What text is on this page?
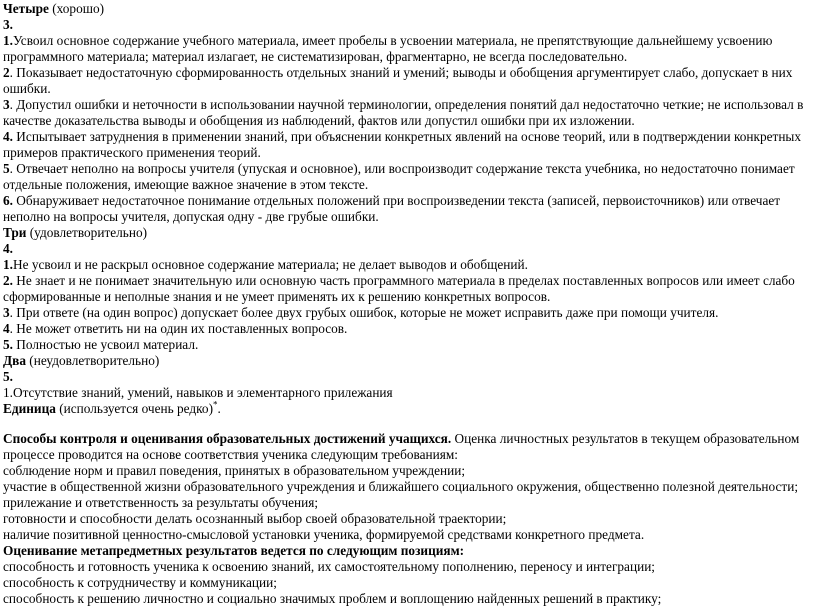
Четыре (хорошо)

3.

1.Усвоил основное содержание учебного материала, имеет пробелы в усвоении материала, не препятствующие дальнейшему усвоению программного материала; материал излагает, не систематизирован, фрагментарно, не всегда последовательно.

2. Показывает недостаточную сформированность отдельных знаний и умений; выводы и обобщения аргументирует слабо, допускает в них ошибки.

3. Допустил ошибки и неточности в использовании научной терминологии, определения понятий дал недостаточно четкие; не использовал в качестве доказательства выводы и обобщения из наблюдений, фактов или допустил ошибки при их изложении.

4. Испытывает затруднения в применении знаний, при объяснении конкретных явлений на основе теорий, или в подтверждении конкретных примеров практического применения теорий.

5. Отвечает неполно на вопросы учителя (упуская и основное), или воспроизводит содержание текста учебника, но недостаточно понимает отдельные положения, имеющие важное значение в этом тексте.

6. Обнаруживает недостаточное понимание отдельных положений при воспроизведении текста (записей, первоисточников) или отвечает неполно на вопросы учителя, допуская одну - две грубые ошибки.

Три (удовлетворительно)

4.

1.Не усвоил и не раскрыл основное содержание материала; не делает выводов и обобщений.

2. Не знает и не понимает значительную или основную часть программного материала в пределах поставленных вопросов или имеет слабо сформированные и неполные знания и не умеет применять их к решению конкретных вопросов.

3. При ответе (на один вопрос) допускает более двух грубых ошибок, которые не может исправить даже при помощи учителя.

4. Не может ответить ни на один их поставленных вопросов.

5. Полностью не усвоил материал.

Два (неудовлетворительно)

5.

1.Отсутствие знаний, умений, навыков и элементарного прилежания

Единица (используется очень редко)*.

Способы контроля и оценивания образовательных достижений учащихся. Оценка личностных результатов в текущем образовательном процессе проводится на основе соответствия ученика следующим требованиям:

соблюдение норм и правил поведения, принятых в образовательном учреждении;

участие в общественной жизни образовательного учреждения и ближайшего социального окружения, общественно полезной деятельности;

прилежание и ответственность за результаты обучения;

готовности и способности делать осознанный выбор своей образовательной траектории;

наличие позитивной ценностно-смысловой установки ученика, формируемой средствами конкретного предмета.

Оценивание метапредметных результатов ведется по следующим позициям:

способность и готовность ученика к освоению знаний, их самостоятельному пополнению, переносу и интеграции;

способность к сотрудничеству и коммуникации;

способность к решению личностно и социально значимых проблем и воплощению найденных решений в практику;
